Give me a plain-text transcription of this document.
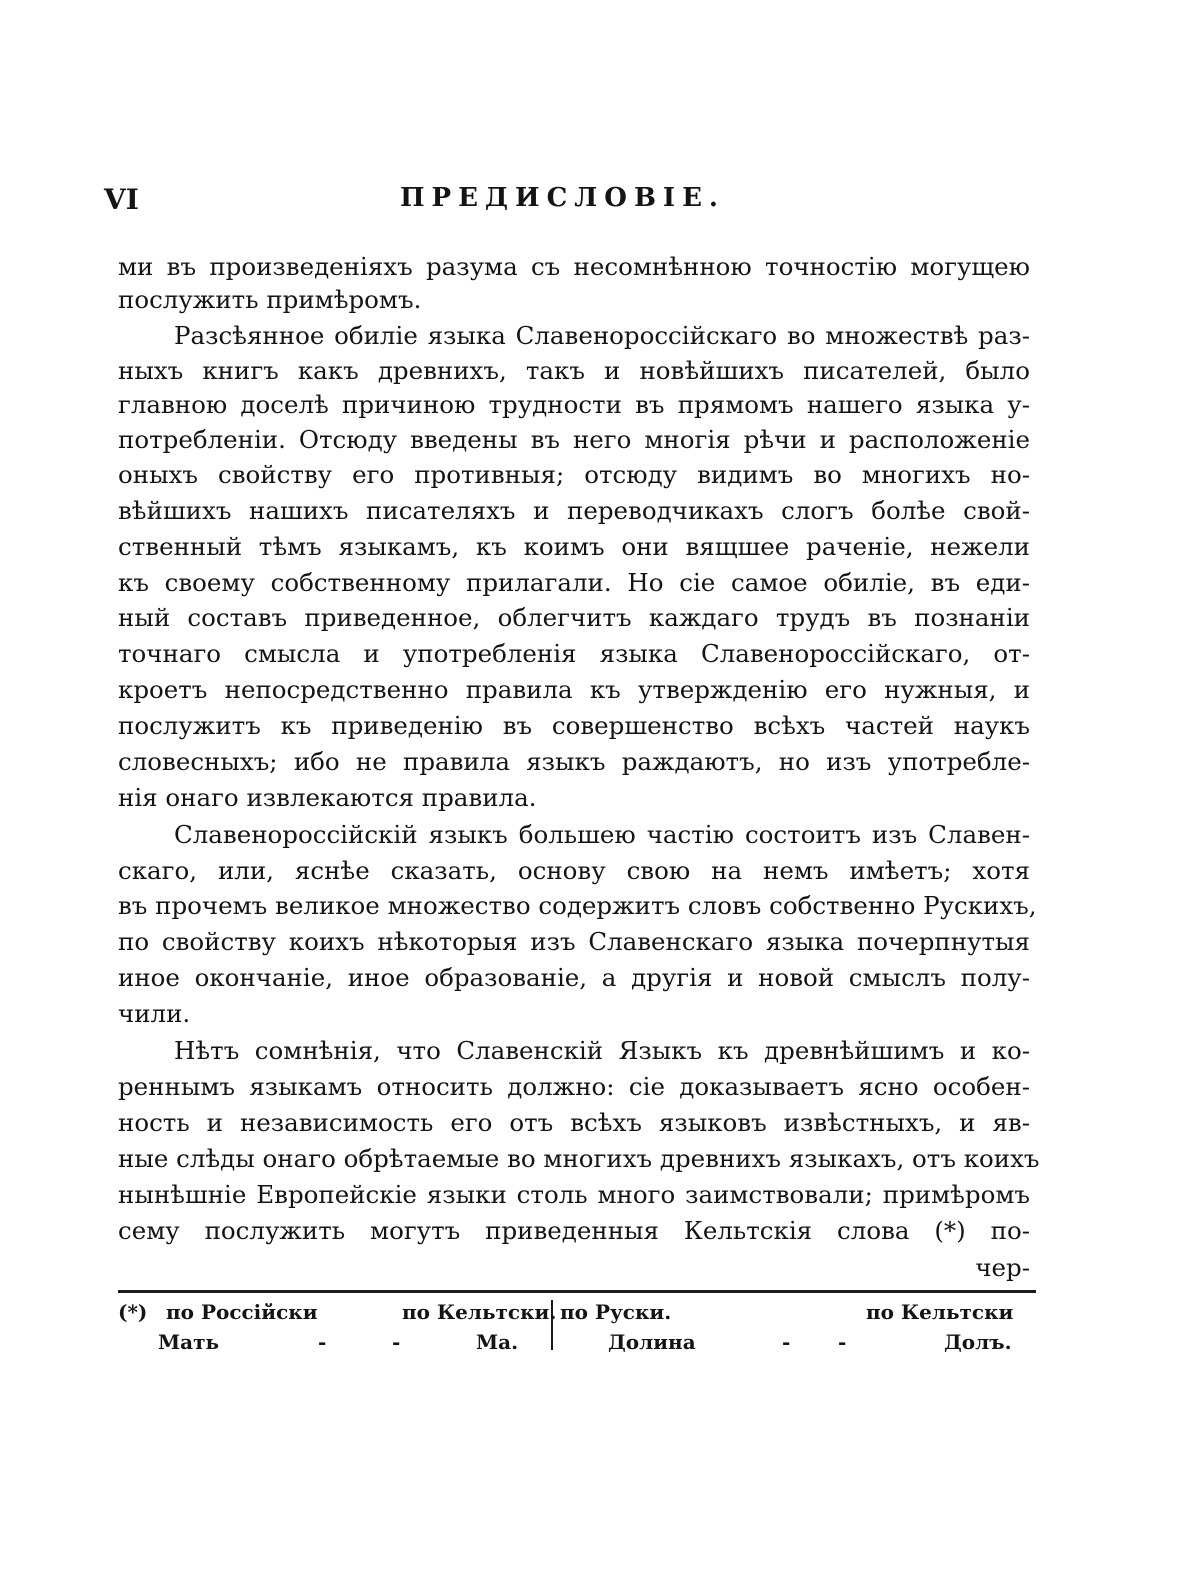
VI	ПРЕДИСЛОВІЕ.
ми въ произведенiяхъ разума съ несомнѣнною точностiю могущею
послужить примѣромъ.
Разсѣянное обилiе языка Славенороссiйскаго во множествѣ раз-
ныхъ книгъ какъ древнихъ, такъ и новѣйшихъ писателей, было
главною доселѣ причиною трудности въ прямомъ нашего языка у-
потребленiи. Отсюду введены въ него многiя рѣчи и расположенiе
оныхъ свойству его противныя; отсюду видимъ во многихъ но-
вѣйшихъ нашихъ писателяхъ и переводчикахъ слогъ болѣе свой-
ственный тѣмъ языкамъ, къ коимъ они вящшее раченiе, нежели
къ своему собственному прилагали. Но сiе самое обилiе, въ еди-
ный составъ приведенное, облегчитъ каждаго трудъ въ познанiи
точнаго смысла и употребленiя языка Славенороссiйскаго, от-
кроетъ непосредственно правила къ утвержденiю его нужныя, и
послужитъ къ приведенiю въ совершенство всѣхъ частей наукъ
словесныхъ; ибо не правила языкъ раждаютъ, но изъ употребле-
нiя онаго извлекаются правила.
Славенороссiйскiй языкъ большею частiю состоитъ изъ Славен-
скаго, или, яснѣе сказать, основу свою на немъ имѣетъ; хотя
въ прочемъ великое множество содержитъ словъ собственно Рускихъ,
по свойству коихъ нѣкоторыя изъ Славенскаго языка почерпнутыя
иное окончанiе, иное образованiе, а другiя и новой смыслъ полу-
чили.
Нѣтъ сомнѣнiя, что Славенскiй Языкъ къ древнѣйшимъ и ко-
реннымъ языкамъ относить должно: сiе доказываетъ ясно особен-
ность и независимость его отъ всѣхъ языковъ извѣстныхъ, и яв-
ные слѣды онаго обрѣтаемые во многихъ древнихъ языкахъ, отъ коихъ
нынѣшнiе Европейскiе языки столь много заимствовали; примѣромъ
сему послужить могутъ приведенныя Кельтскiя слова (*) по-
чер-
(*) по Россiйски	по Кельтски.
Мать	-	-	Ма.
по Руски.	по Кельтски
Долина	- -	Долъ.
